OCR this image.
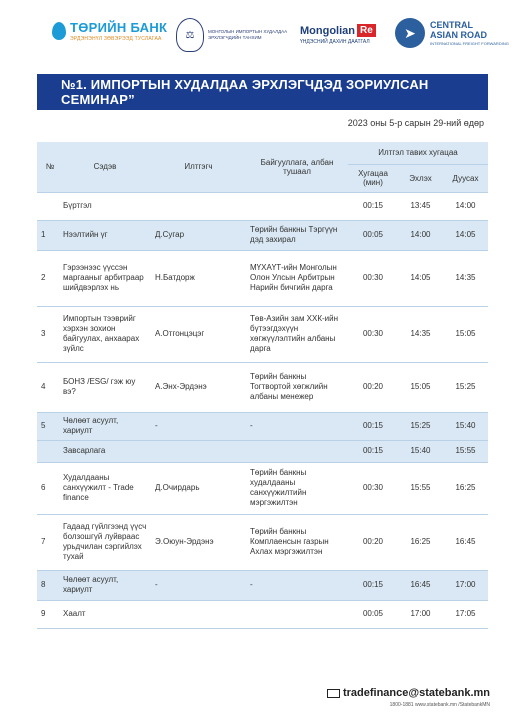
ТӨРИЙН БАНК
ЭРДЭНЭНҮЛ ЗӨВЭРЭЭД ТУСЛАГАА	⚖	МОНГОЛЫН ИМПОРТЫН ХУДАЛДАА ЭРХЛЭГЧДИЙН ТАНХИМ
Mongolian Re
ҮНДЭСНИЙ ДАХИН ДААТГАЛ
➤	CENTRAL
ASIAN ROAD
INTERNATIONAL FREIGHT FORWARDING
№1. ИМПОРТЫН ХУДАЛДАА ЭРХЛЭГЧДЭД ЗОРИУЛСАН СЕМИНАР”
2023 оны 5-р сарын 29-ний өдөр
№	Сэдэв	Илтгэгч	Байгууллага, албан тушаал	Илтгэл тавих хугацаа		
				Хугацаа (мин)	Эхлэх	Дуусах
	Бүртгэл			00:15	13:45	14:00
1	Нээлтийн үг	Д.Сугар	Төрийн банкны Тэргүүн дэд захирал	00:05	14:00	14:05
2	Гэрээнээс үүссэн маргааныг арбитраар шийдвэрлэх нь	Н.Батдорж	МҮХАҮТ-ийн Монголын Олон Улсын Арбитрын Нарийн бичгийн дарга	00:30	14:05	14:35
3	Импортын тээврийг хэрхэн зохион байгуулах, анхаарах зүйлс	А.Отгонцэцэг	Төв-Азийн зам ХХК-ийн бүтээгдэхүүн хөгжүүлэлтийн албаны дарга	00:30	14:35	15:05
4	БОНЗ /ESG/ гэж юу вэ?	А.Энх-Эрдэнэ	Төрийн банкны Тогтвортой хөгжлийн албаны менежер	00:20	15:05	15:25
5	Чөлөөт асуулт, хариулт	-	-	00:15	15:25	15:40
	Завсарлага			00:15	15:40	15:55
6	Худалдааны санхүүжилт - Trade finance	Д.Очирдарь	Төрийн банкны худалдааны санхүүжилтийн мэргэжилтэн	00:30	15:55	16:25
7	Гадаад гүйлгээнд үүсч болзошгүй луйврaас урьдчилан сэргийлэх тухай	Э.Оюун-Эрдэнэ	Төрийн банкны Комплаенсын газрын Ахлах мэргэжилтэн	00:20	16:25	16:45
8	Чөлөөт асуулт, хариулт	-	-	00:15	16:45	17:00
9	Хаалт			00:05	17:00	17:05
tradefinance@statebank.mn
1800-1881 www.statebank.mn /StatebankMN
